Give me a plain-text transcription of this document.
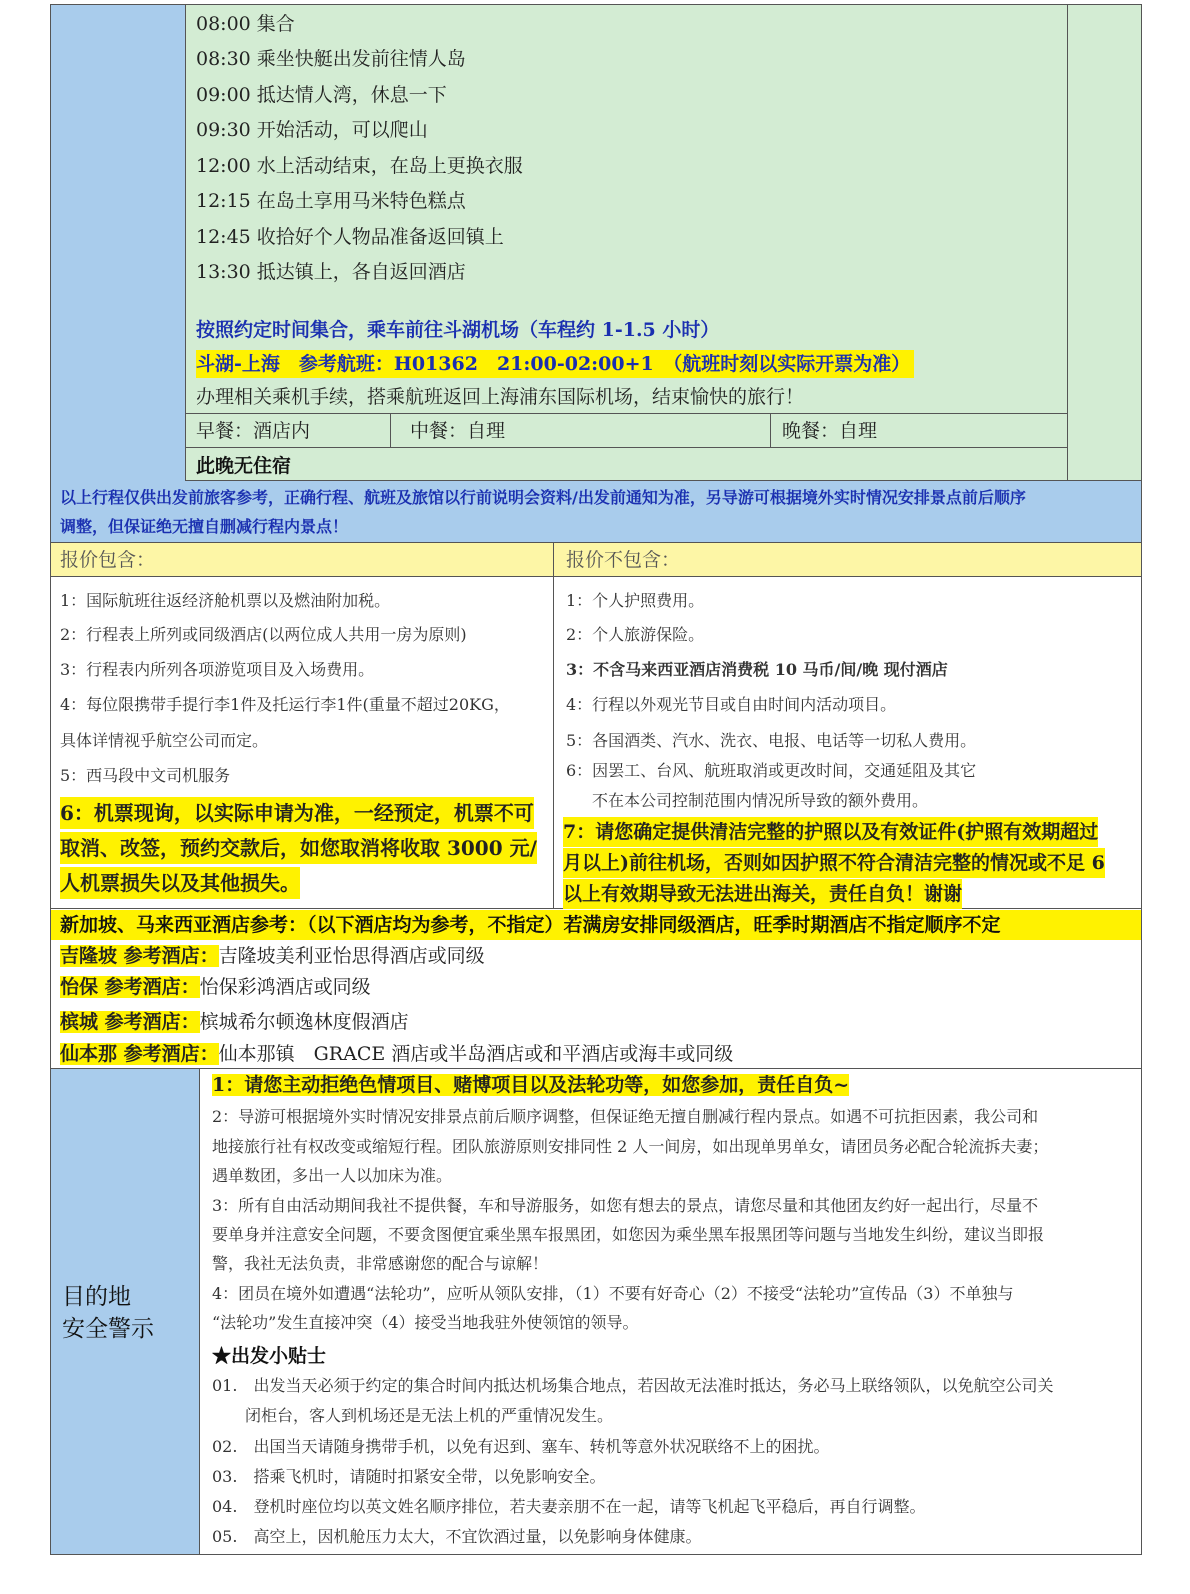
08:00 集合
08:30 乘坐快艇出发前往情人岛
09:00 抵达情人湾，休息一下
09:30 开始活动，可以爬山
12:00 水上活动结束，在岛上更换衣服
12:15 在岛土享用马米特色糕点
12:45 收拾好个人物品准备返回镇上
13:30 抵达镇上，各自返回酒店
按照约定时间集合，乘车前往斗湖机场（车程约 1-1.5 小时）
斗湖-上海　参考航班：H01362　21:00-02:00+1　（航班时刻以实际开票为准）
办理相关乘机手续，搭乘航班返回上海浦东国际机场，结束愉快的旅行！
早餐：酒店内	中餐：自理	晚餐：自理
此晚无住宿
以上行程仅供出发前旅客参考，正确行程、航班及旅馆以行前说明会资料/出发前通知为准，另导游可根据境外实时情况安排景点前后顺序
调整，但保证绝无擅自删减行程内景点！
报价包含：	报价不包含：
1：国际航班往返经济舱机票以及燃油附加税。
2：行程表上所列或同级酒店(以两位成人共用一房为原则)
3：行程表内所列各项游览项目及入场费用。
4：每位限携带手提行李1件及托运行李1件(重量不超过20KG，
具体详情视乎航空公司而定。
5：西马段中文司机服务
6：机票现询，以实际申请为准，一经预定，机票不可
取消、改签，预约交款后，如您取消将收取 3000 元/
人机票损失以及其他损失。
1：个人护照费用。
2：个人旅游保险。
3：不含马来西亚酒店消费税 10 马币/间/晚 现付酒店
4：行程以外观光节目或自由时间内活动项目。
5：各国酒类、汽水、洗衣、电报、电话等一切私人费用。
6：因罢工、台风、航班取消或更改时间，交通延阻及其它
不在本公司控制范围内情况所导致的额外费用。
7：请您确定提供清洁完整的护照以及有效证件(护照有效期超过
月以上)前往机场，否则如因护照不符合清洁完整的情况或不足 6
以上有效期导致无法进出海关，责任自负！谢谢
新加坡、马来西亚酒店参考：（以下酒店均为参考，不指定）若满房安排同级酒店，旺季时期酒店不指定顺序不定
吉隆坡 参考酒店：吉隆坡美利亚怡思得酒店或同级
怡保 参考酒店：怡保彩鸿酒店或同级
槟城 参考酒店：槟城希尔顿逸林度假酒店
仙本那 参考酒店：仙本那镇　GRACE 酒店或半岛酒店或和平酒店或海丰或同级
目的地
安全警示
1：请您主动拒绝色情项目、赌博项目以及法轮功等，如您参加，责任自负~
2：导游可根据境外实时情况安排景点前后顺序调整，但保证绝无擅自删减行程内景点。如遇不可抗拒因素，我公司和
地接旅行社有权改变或缩短行程。团队旅游原则安排同性 2 人一间房，如出现单男单女，请团员务必配合轮流拆夫妻；
遇单数团，多出一人以加床为准。
3：所有自由活动期间我社不提供餐，车和导游服务，如您有想去的景点，请您尽量和其他团友约好一起出行，尽量不
要单身并注意安全问题，不要贪图便宜乘坐黑车报黑团，如您因为乘坐黑车报黑团等问题与当地发生纠纷，建议当即报
警，我社无法负责，非常感谢您的配合与谅解！
4：团员在境外如遭遇“法轮功”，应听从领队安排，（1）不要有好奇心（2）不接受“法轮功”宣传品（3）不单独与
“法轮功”发生直接冲突（4）接受当地我驻外使领馆的领导。
★出发小贴士
01.　出发当天必须于约定的集合时间内抵达机场集合地点，若因故无法准时抵达，务必马上联络领队，以免航空公司关
闭柜台，客人到机场还是无法上机的严重情况发生。
02.　出国当天请随身携带手机，以免有迟到、塞车、转机等意外状况联络不上的困扰。
03.　搭乘飞机时，请随时扣紧安全带，以免影响安全。
04.　登机时座位均以英文姓名顺序排位，若夫妻亲朋不在一起，请等飞机起飞平稳后，再自行调整。
05.　高空上，因机舱压力太大，不宜饮酒过量，以免影响身体健康。
